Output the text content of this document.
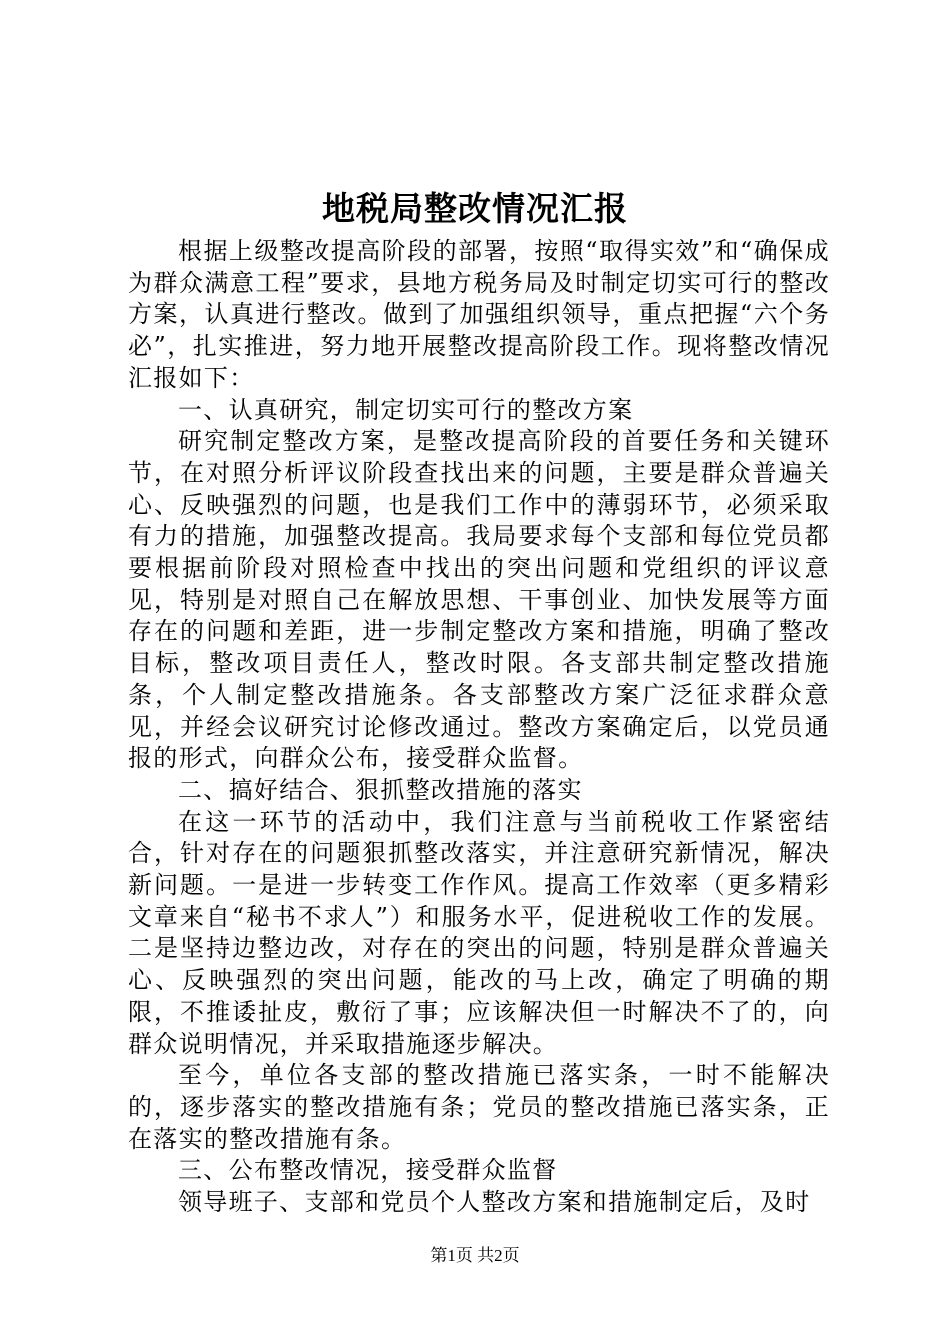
地税局整改情况汇报

根据上级整改提高阶段的部署，按照“取得实效”和“确保成为群众满意工程”要求，县地方税务局及时制定切实可行的整改方案，认真进行整改。做到了加强组织领导，重点把握“六个务必”，扎实推进，努力地开展整改提高阶段工作。现将整改情况汇报如下：

一、认真研究，制定切实可行的整改方案

研究制定整改方案，是整改提高阶段的首要任务和关键环节，在对照分析评议阶段查找出来的问题，主要是群众普遍关心、反映强烈的问题，也是我们工作中的薄弱环节，必须采取有力的措施，加强整改提高。我局要求每个支部和每位党员都要根据前阶段对照检查中找出的突出问题和党组织的评议意见，特别是对照自己在解放思想、干事创业、加快发展等方面存在的问题和差距，进一步制定整改方案和措施，明确了整改目标，整改项目责任人，整改时限。各支部共制定整改措施条，个人制定整改措施条。各支部整改方案广泛征求群众意见，并经会议研究讨论修改通过。整改方案确定后，以党员通报的形式，向群众公布，接受群众监督。

二、搞好结合、狠抓整改措施的落实

在这一环节的活动中，我们注意与当前税收工作紧密结合，针对存在的问题狠抓整改落实，并注意研究新情况，解决新问题。一是进一步转变工作作风。提高工作效率（更多精彩文章来自“秘书不求人”）和服务水平，促进税收工作的发展。二是坚持边整边改，对存在的突出的问题，特别是群众普遍关心、反映强烈的突出问题，能改的马上改，确定了明确的期限，不推诿扯皮，敷衍了事；应该解决但一时解决不了的，向群众说明情况，并采取措施逐步解决。

至今，单位各支部的整改措施已落实条，一时不能解决的，逐步落实的整改措施有条；党员的整改措施已落实条，正在落实的整改措施有条。

三、公布整改情况，接受群众监督

领导班子、支部和党员个人整改方案和措施制定后，及时

第1页 共2页
